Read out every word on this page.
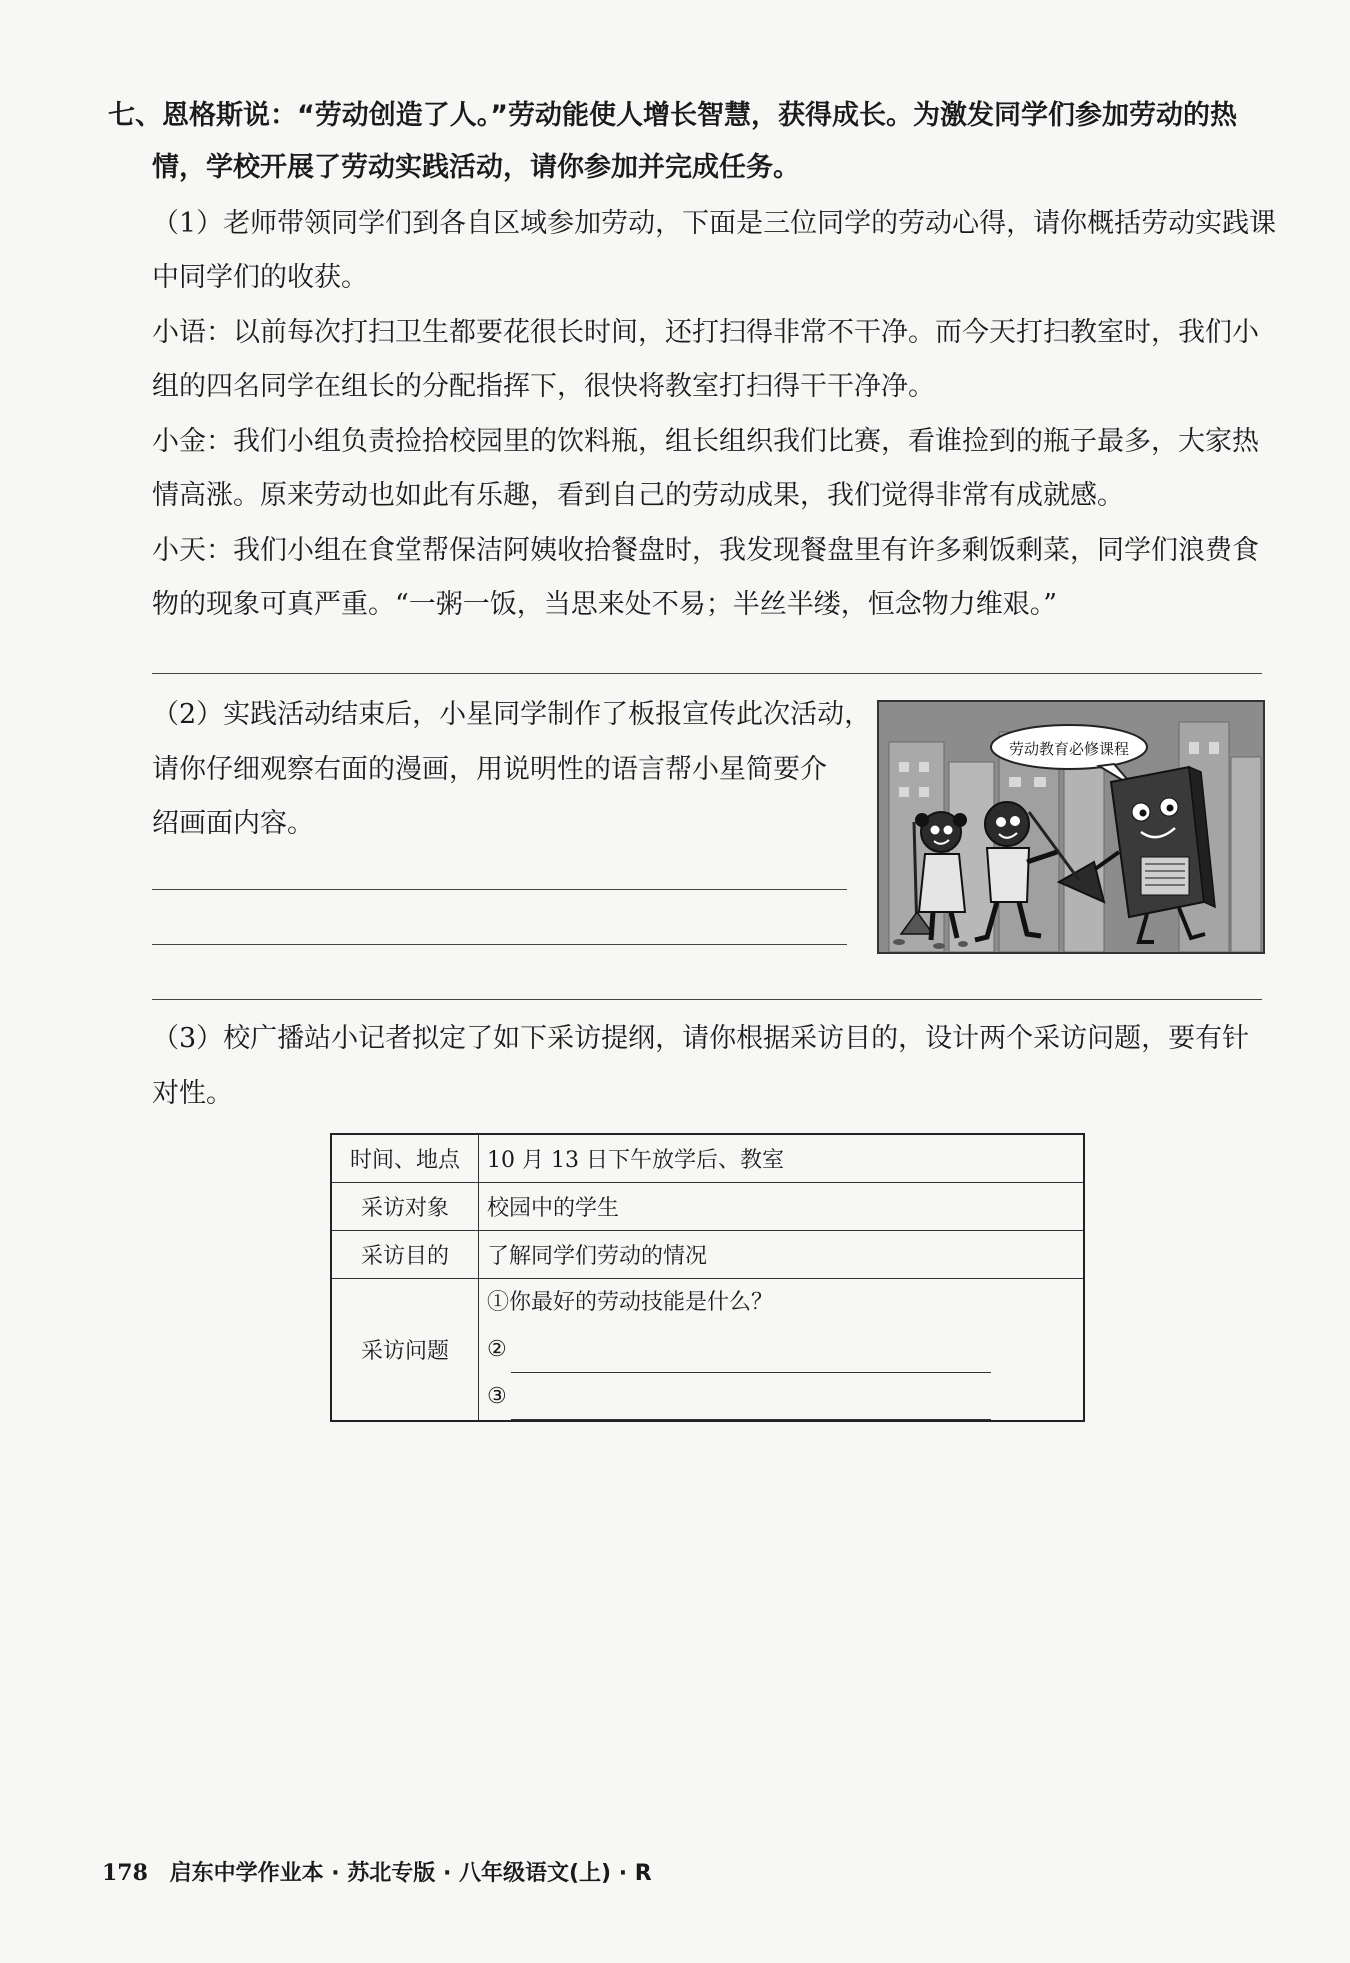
七、恩格斯说：“劳动创造了人。”劳动能使人增长智慧，获得成长。为激发同学们参加劳动的热
情，学校开展了劳动实践活动，请你参加并完成任务。
（1）老师带领同学们到各自区域参加劳动，下面是三位同学的劳动心得，请你概括劳动实践课
中同学们的收获。
小语：以前每次打扫卫生都要花很长时间，还打扫得非常不干净。而今天打扫教室时，我们小
组的四名同学在组长的分配指挥下，很快将教室打扫得干干净净。
小金：我们小组负责捡拾校园里的饮料瓶，组长组织我们比赛，看谁捡到的瓶子最多，大家热
情高涨。原来劳动也如此有乐趣，看到自己的劳动成果，我们觉得非常有成就感。
小天：我们小组在食堂帮保洁阿姨收拾餐盘时，我发现餐盘里有许多剩饭剩菜，同学们浪费食
物的现象可真严重。“一粥一饭，当思来处不易；半丝半缕，恒念物力维艰。”
（2）实践活动结束后，小星同学制作了板报宣传此次活动，
请你仔细观察右面的漫画，用说明性的语言帮小星简要介
绍画面内容。
劳动教育必修课程
（3）校广播站小记者拟定了如下采访提纲，请你根据采访目的，设计两个采访问题，要有针
对性。
时间、地点	10 月 13 日下午放学后、教室
采访对象	校园中的学生
采访目的	了解同学们劳动的情况
采访问题	①你最好的劳动技能是什么？
②
③
178 启东中学作业本 · 苏北专版 · 八年级语文(上) · R
